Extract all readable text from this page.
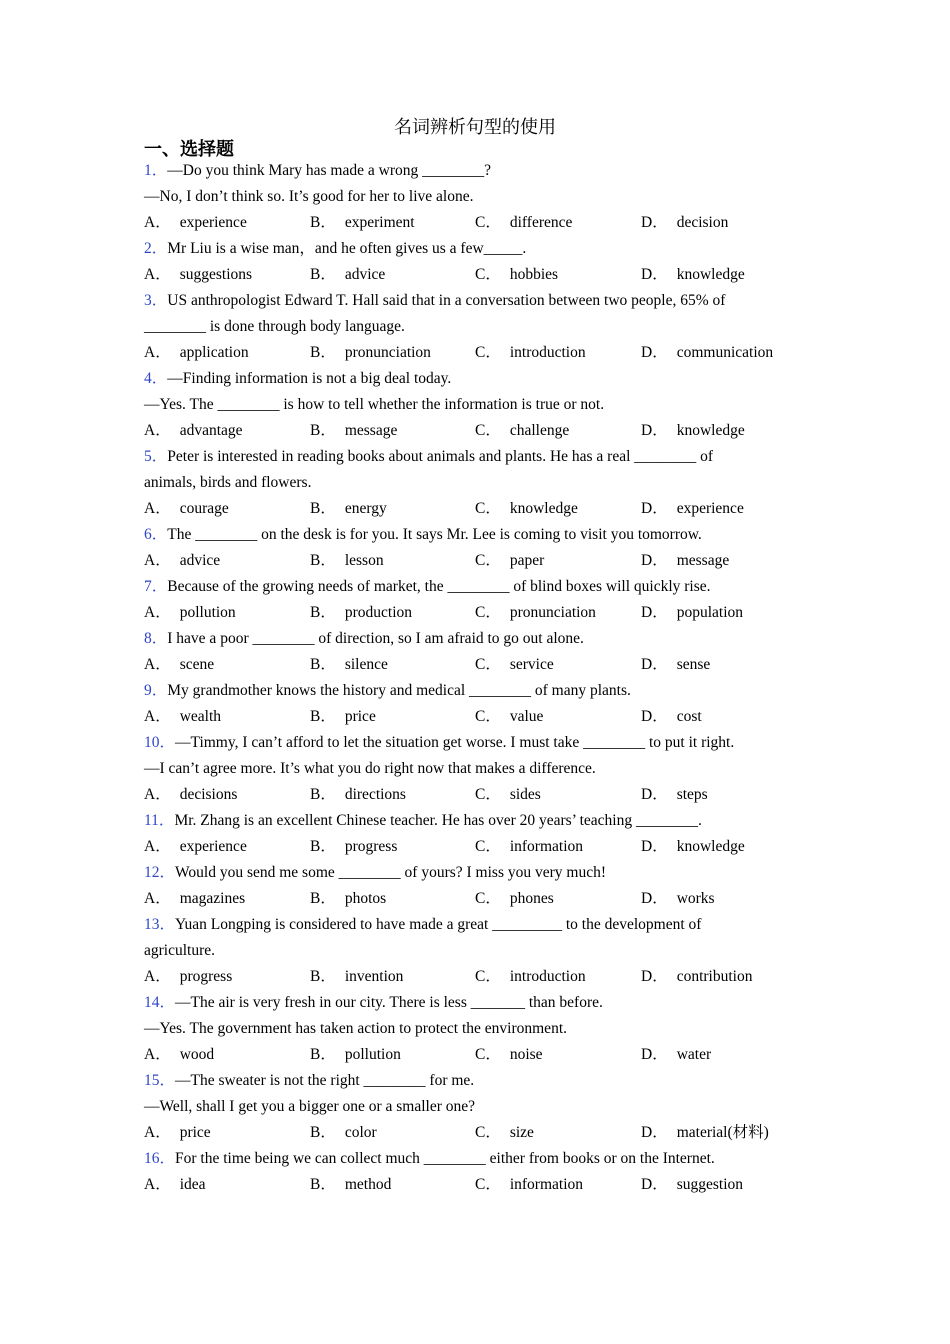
名词辨析句型的使用
一、选择题
1．—Do you think Mary has made a wrong ________?
—No, I don’t think so. It’s good for her to live alone.
A． experience	B． experiment	C． difference	D． decision
2．Mr Liu is a wise man，and he often gives us a few_____.
A． suggestions	B． advice	C． hobbies	D． knowledge
3．US anthropologist Edward T. Hall said that in a conversation between two people, 65% of
________ is done through body language.
A． application	B． pronunciation	C． introduction	D． communication
4．—Finding information is not a big deal today.
—Yes. The ________ is how to tell whether the information is true or not.
A． advantage	B． message	C． challenge	D． knowledge
5．Peter is interested in reading books about animals and plants. He has a real ________ of
animals, birds and flowers.
A． courage	B． energy	C． knowledge	D． experience
6．The ________ on the desk is for you. It says Mr. Lee is coming to visit you tomorrow.
A． advice	B． lesson	C． paper	D． message
7．Because of the growing needs of market, the ________ of blind boxes will quickly rise.
A． pollution	B． production	C． pronunciation	D． population
8．I have a poor ________ of direction, so I am afraid to go out alone.
A． scene	B． silence	C． service	D． sense
9．My grandmother knows the history and medical ________ of many plants.
A． wealth	B． price	C． value	D． cost
10．—Timmy, I can’t afford to let the situation get worse. I must take ________ to put it right.
—I can’t agree more. It’s what you do right now that makes a difference.
A． decisions	B． directions	C． sides	D． steps
11．Mr. Zhang is an excellent Chinese teacher. He has over 20 years’ teaching ________.
A． experience	B． progress	C． information	D． knowledge
12．Would you send me some ________ of yours? I miss you very much!
A． magazines	B． photos	C． phones	D． works
13．Yuan Longping is considered to have made a great _________ to the development of
agriculture.
A． progress	B． invention	C． introduction	D． contribution
14．—The air is very fresh in our city. There is less _______ than before.
—Yes. The government has taken action to protect the environment.
A． wood	B． pollution	C． noise	D． water
15．—The sweater is not the right ________ for me.
—Well, shall I get you a bigger one or a smaller one?
A． price	B． color	C． size	D． material(材料)
16．For the time being we can collect much ________ either from books or on the Internet.
A． idea	B． method	C． information	D． suggestion
